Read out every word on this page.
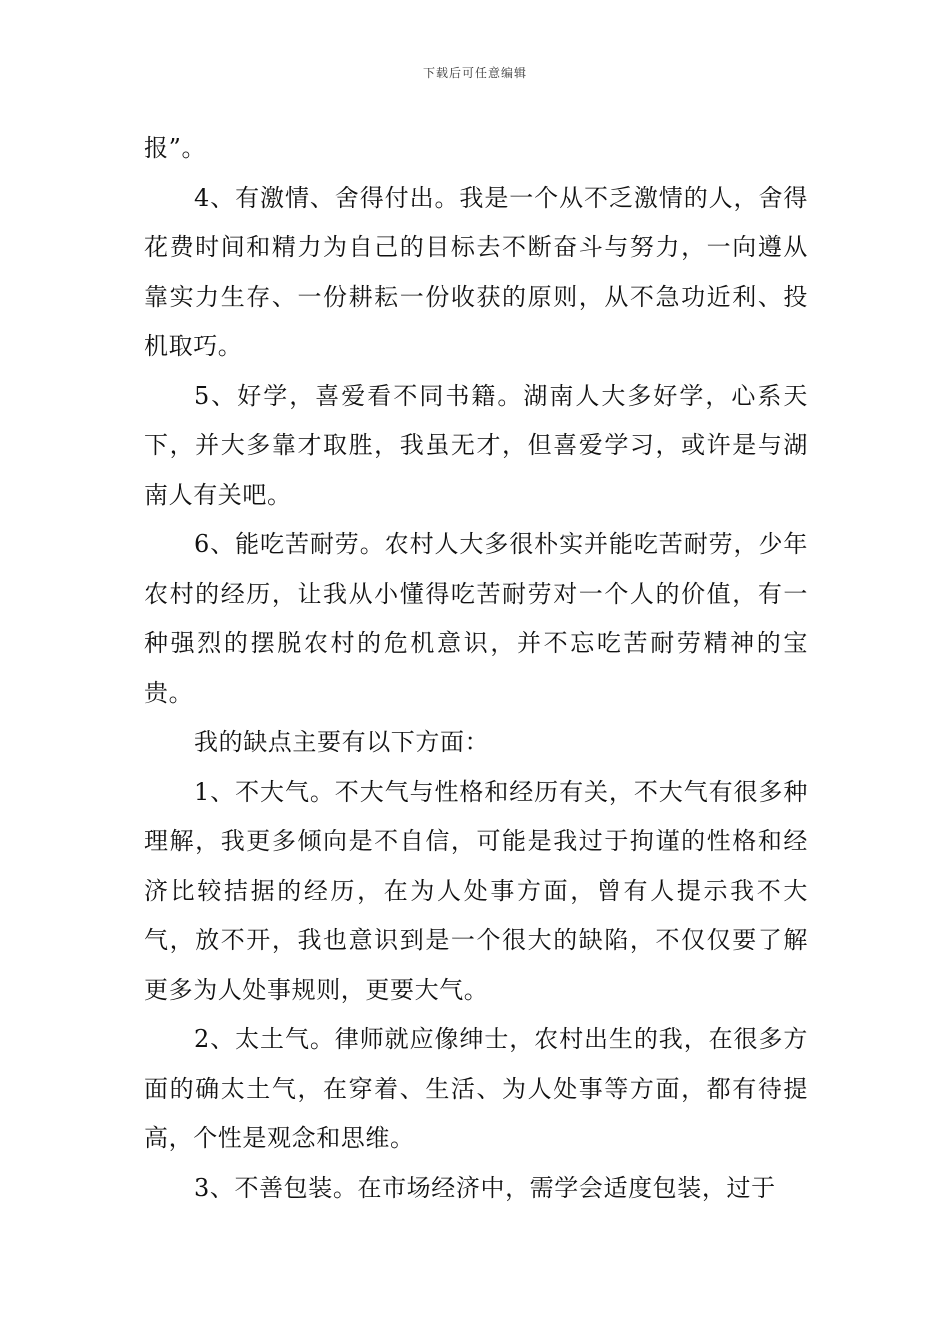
下载后可任意编辑

报”。

4、有激情、舍得付出。我是一个从不乏激情的人，舍得花费时间和精力为自己的目标去不断奋斗与努力，一向遵从靠实力生存、一份耕耘一份收获的原则，从不急功近利、投机取巧。

5、好学，喜爱看不同书籍。湖南人大多好学，心系天下，并大多靠才取胜，我虽无才，但喜爱学习，或许是与湖南人有关吧。

6、能吃苦耐劳。农村人大多很朴实并能吃苦耐劳，少年农村的经历，让我从小懂得吃苦耐劳对一个人的价值，有一种强烈的摆脱农村的危机意识，并不忘吃苦耐劳精神的宝贵。

我的缺点主要有以下方面：

1、不大气。不大气与性格和经历有关，不大气有很多种理解，我更多倾向是不自信，可能是我过于拘谨的性格和经济比较拮据的经历，在为人处事方面，曾有人提示我不大气，放不开，我也意识到是一个很大的缺陷，不仅仅要了解更多为人处事规则，更要大气。

2、太土气。律师就应像绅士，农村出生的我，在很多方面的确太土气，在穿着、生活、为人处事等方面，都有待提高，个性是观念和思维。

3、不善包装。在市场经济中，需学会适度包装，过于
